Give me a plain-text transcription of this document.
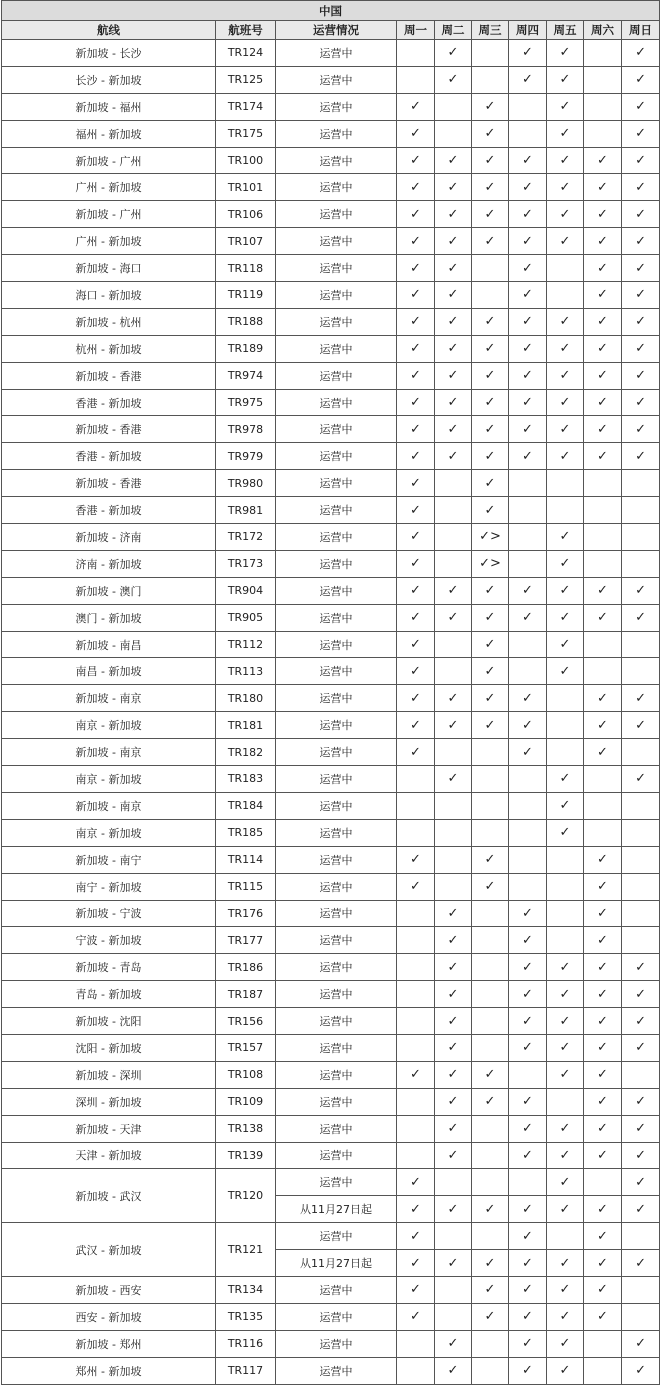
中国									
航线	航班号	运营情况	周一	周二	周三	周四	周五	周六	周日
新加坡 - 长沙	TR124	运营中		✓		✓	✓		✓
长沙 - 新加坡	TR125	运营中		✓		✓	✓		✓
新加坡 - 福州	TR174	运营中	✓		✓		✓		✓
福州 - 新加坡	TR175	运营中	✓		✓		✓		✓
新加坡 - 广州	TR100	运营中	✓	✓	✓	✓	✓	✓	✓
广州 - 新加坡	TR101	运营中	✓	✓	✓	✓	✓	✓	✓
新加坡 - 广州	TR106	运营中	✓	✓	✓	✓	✓	✓	✓
广州 - 新加坡	TR107	运营中	✓	✓	✓	✓	✓	✓	✓
新加坡 - 海口	TR118	运营中	✓	✓		✓		✓	✓
海口 - 新加坡	TR119	运营中	✓	✓		✓		✓	✓
新加坡 - 杭州	TR188	运营中	✓	✓	✓	✓	✓	✓	✓
杭州 - 新加坡	TR189	运营中	✓	✓	✓	✓	✓	✓	✓
新加坡 - 香港	TR974	运营中	✓	✓	✓	✓	✓	✓	✓
香港 - 新加坡	TR975	运营中	✓	✓	✓	✓	✓	✓	✓
新加坡 - 香港	TR978	运营中	✓	✓	✓	✓	✓	✓	✓
香港 - 新加坡	TR979	运营中	✓	✓	✓	✓	✓	✓	✓
新加坡 - 香港	TR980	运营中	✓		✓				
香港 - 新加坡	TR981	运营中	✓		✓				
新加坡 - 济南	TR172	运营中	✓		✓>		✓		
济南 - 新加坡	TR173	运营中	✓		✓>		✓		
新加坡 - 澳门	TR904	运营中	✓	✓	✓	✓	✓	✓	✓
澳门 - 新加坡	TR905	运营中	✓	✓	✓	✓	✓	✓	✓
新加坡 - 南昌	TR112	运营中	✓		✓		✓		
南昌 - 新加坡	TR113	运营中	✓		✓		✓		
新加坡 - 南京	TR180	运营中	✓	✓	✓	✓		✓	✓
南京 - 新加坡	TR181	运营中	✓	✓	✓	✓		✓	✓
新加坡 - 南京	TR182	运营中	✓			✓		✓	
南京 - 新加坡	TR183	运营中		✓			✓		✓
新加坡 - 南京	TR184	运营中					✓		
南京 - 新加坡	TR185	运营中					✓		
新加坡 - 南宁	TR114	运营中	✓		✓			✓	
南宁 - 新加坡	TR115	运营中	✓		✓			✓	
新加坡 - 宁波	TR176	运营中		✓		✓		✓	
宁波 - 新加坡	TR177	运营中		✓		✓		✓	
新加坡 - 青岛	TR186	运营中		✓		✓	✓	✓	✓
青岛 - 新加坡	TR187	运营中		✓		✓	✓	✓	✓
新加坡 - 沈阳	TR156	运营中		✓		✓	✓	✓	✓
沈阳 - 新加坡	TR157	运营中		✓		✓	✓	✓	✓
新加坡 - 深圳	TR108	运营中	✓	✓	✓		✓	✓	
深圳 - 新加坡	TR109	运营中		✓	✓	✓		✓	✓
新加坡 - 天津	TR138	运营中		✓		✓	✓	✓	✓
天津 - 新加坡	TR139	运营中		✓		✓	✓	✓	✓
新加坡 - 武汉	TR120	运营中	✓				✓		✓
		从11月27日起	✓	✓	✓	✓	✓	✓	✓
武汉 - 新加坡	TR121	运营中	✓			✓		✓	
		从11月27日起	✓	✓	✓	✓	✓	✓	✓
新加坡 - 西安	TR134	运营中	✓		✓	✓	✓	✓	
西安 - 新加坡	TR135	运营中	✓		✓	✓	✓	✓	
新加坡 - 郑州	TR116	运营中		✓		✓	✓		✓
郑州 - 新加坡	TR117	运营中		✓		✓	✓		✓
